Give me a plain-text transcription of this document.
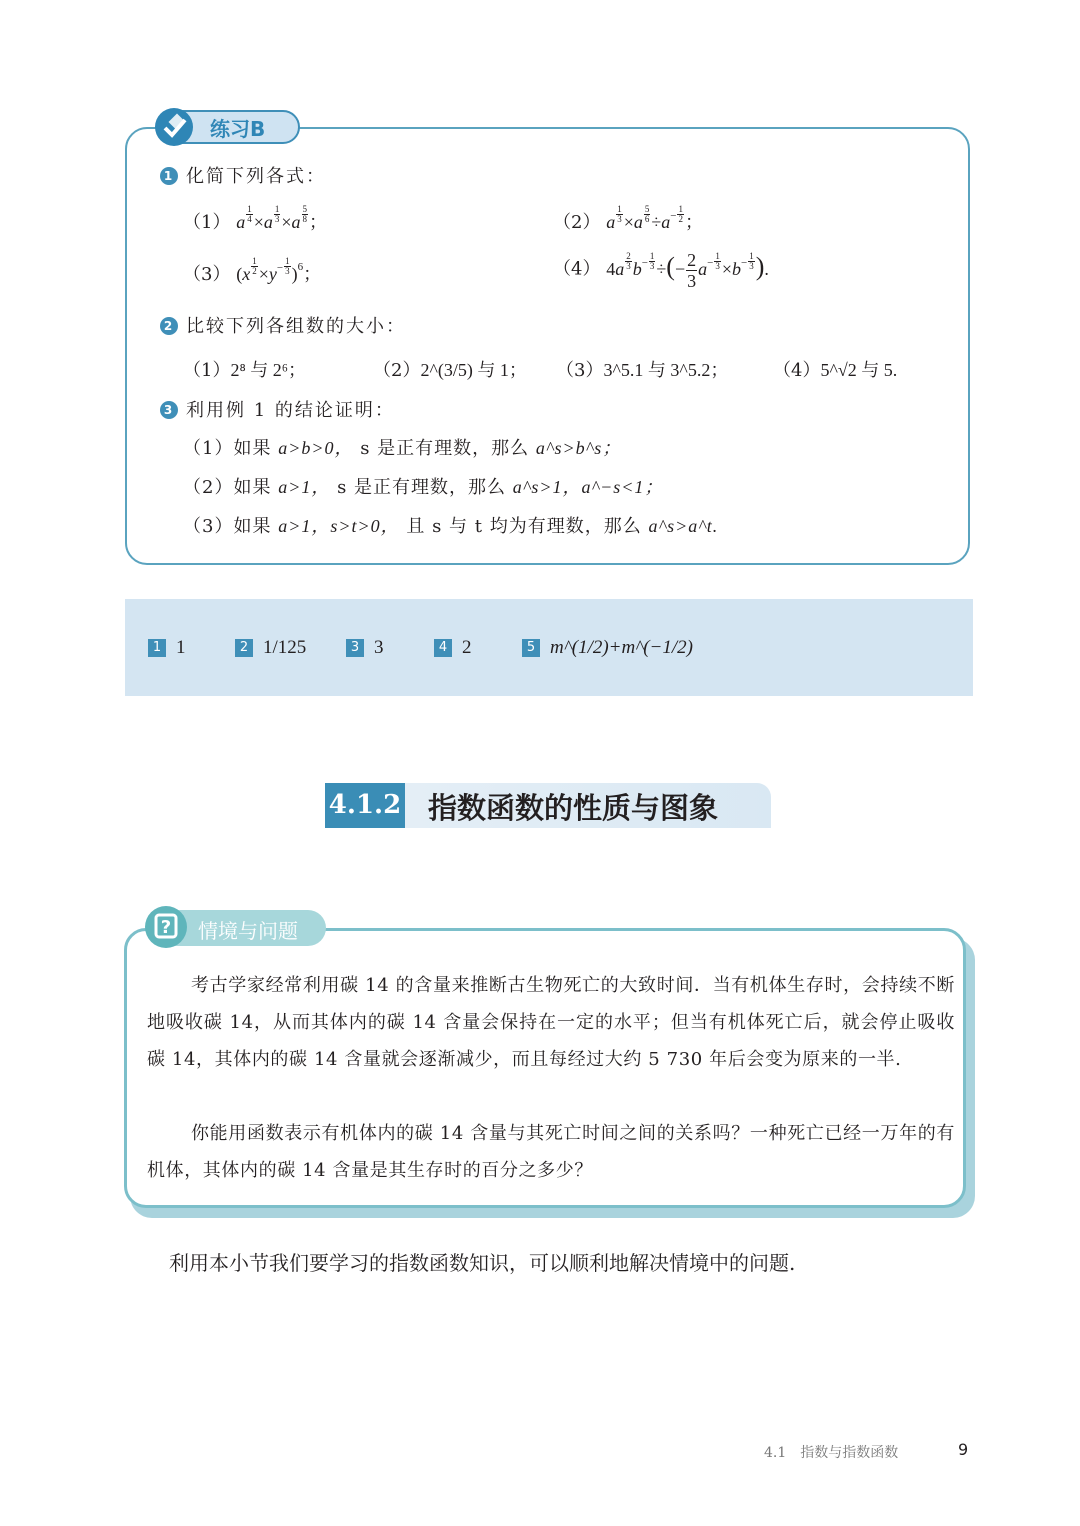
练习B
1 化简下列各式：
（1） a $\frac{1}{4} \times a \frac{1}{3} \times a \frac{5}{8}$ ；	（2） a $\frac{1}{3} \times a \frac{5}{6} \div a^- \frac{1}{2}$ ；
（3） $(x \frac{1}{2} \times y^- \frac{1}{3} )^6$；	（4） $4a \frac{2}{3} b^- \frac{1}{3}$ ÷(− $\frac{2}{3} a^- \frac{1}{3} \times b^- \frac{1}{3}$ ).
2 比较下列各组数的大小：
（1）2⁸ 与 2⁶；	（2）2^(3/5) 与 1； （3）3^5.1 与 3^5.2； （4）5^√2 与 5.
3 利用例 1 的结论证明：
（1）如果 a>b>0， s 是正有理数，那么 a^s>b^s；
（2）如果 a>1， s 是正有理数，那么 a^s>1，a^−s<1；
（3）如果 a>1，s>t>0， 且 s 与 t 均为有理数，那么 a^s>a^t.
1 1	2 1/125	3 3	4 2	5 m^(1/2)+m^(−1/2)
4.1.2 指数函数的性质与图象
考古学家经常利用碳 14 的含量来推断古生物死亡的大致时间．当有机体生存时，会持续不断地吸收碳 14，从而其体内的碳 14 含量会保持在一定的水平；但当有机体死亡后，就会停止吸收碳 14，其体内的碳 14 含量就会逐渐减少，而且每经过大约 5 730 年后会变为原来的一半.
你能用函数表示有机体内的碳 14 含量与其死亡时间之间的关系吗？一种死亡已经一万年的有机体，其体内的碳 14 含量是其生存时的百分之多少？
? 情境与问题
利用本小节我们要学习的指数函数知识，可以顺利地解决情境中的问题.
4.1　指数与指数函数	9
